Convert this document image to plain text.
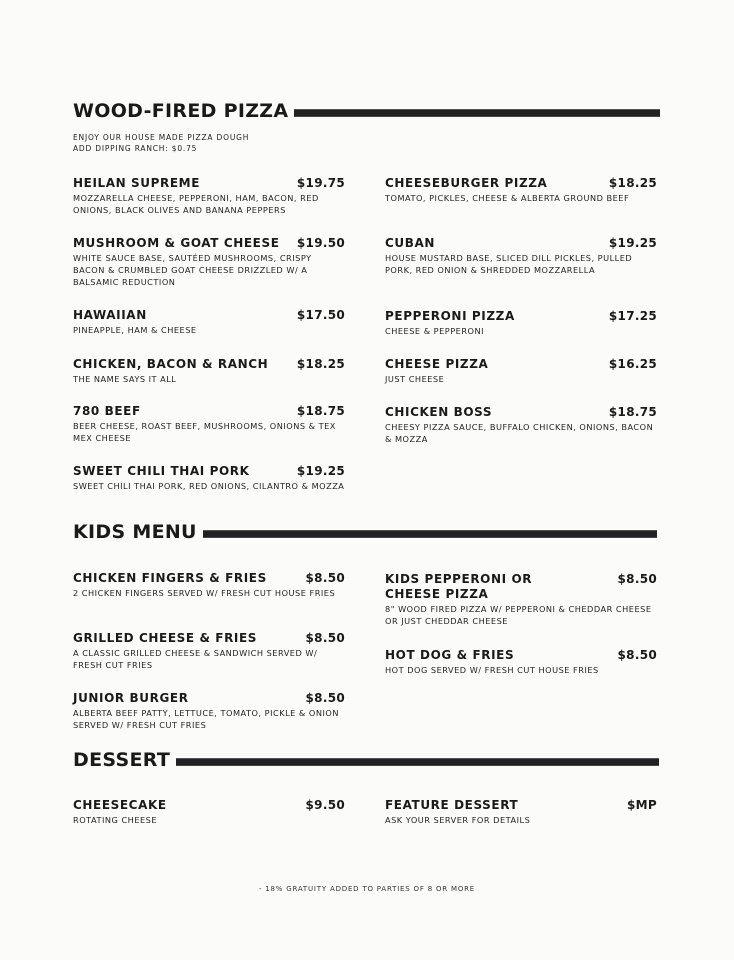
WOOD-FIRED PIZZA
ENJOY OUR HOUSE MADE PIZZA DOUGH
ADD DIPPING RANCH: $0.75
HEILAN SUPREME	$19.75
MOZZARELLA CHEESE, PEPPERONI, HAM, BACON, RED ONIONS, BLACK OLIVES AND BANANA PEPPERS
MUSHROOM & GOAT CHEESE $19.50
WHITE SAUCE BASE, SAUTÉED MUSHROOMS, CRISPY BACON & CRUMBLED GOAT CHEESE DRIZZLED W/ A BALSAMIC REDUCTION
HAWAIIAN	$17.50
PINEAPPLE, HAM & CHEESE
CHICKEN, BACON & RANCH $18.25
THE NAME SAYS IT ALL
780 BEEF	$18.75
BEER CHEESE, ROAST BEEF, MUSHROOMS, ONIONS & TEX MEX CHEESE
SWEET CHILI THAI PORK	$19.25
SWEET CHILI THAI PORK, RED ONIONS, CILANTRO & MOZZA
CHEESEBURGER PIZZA	$18.25
TOMATO, PICKLES, CHEESE & ALBERTA GROUND BEEF
CUBAN	$19.25
HOUSE MUSTARD BASE, SLICED DILL PICKLES, PULLED PORK, RED ONION & SHREDDED MOZZARELLA
PEPPERONI PIZZA	$17.25
CHEESE & PEPPERONI
CHEESE PIZZA	$16.25
JUST CHEESE
CHICKEN BOSS	$18.75
CHEESY PIZZA SAUCE, BUFFALO CHICKEN, ONIONS, BACON & MOZZA
KIDS MENU
CHICKEN FINGERS & FRIES	$8.50
2 CHICKEN FINGERS SERVED W/ FRESH CUT HOUSE FRIES
GRILLED CHEESE & FRIES	$8.50
A CLASSIC GRILLED CHEESE & SANDWICH SERVED W/ FRESH CUT FRIES
JUNIOR BURGER	$8.50
ALBERTA BEEF PATTY, LETTUCE, TOMATO, PICKLE & ONION SERVED W/ FRESH CUT FRIES
KIDS PEPPERONI OR CHEESE PIZZA
$8.50
8" WOOD FIRED PIZZA W/ PEPPERONI & CHEDDAR CHEESE OR JUST CHEDDAR CHEESE
HOT DOG & FRIES	$8.50
HOT DOG SERVED W/ FRESH CUT HOUSE FRIES
DESSERT
CHEESECAKE	$9.50
ROTATING CHEESE
FEATURE DESSERT	$MP
ASK YOUR SERVER FOR DETAILS
- 18% GRATUITY ADDED TO PARTIES OF 8 OR MORE
